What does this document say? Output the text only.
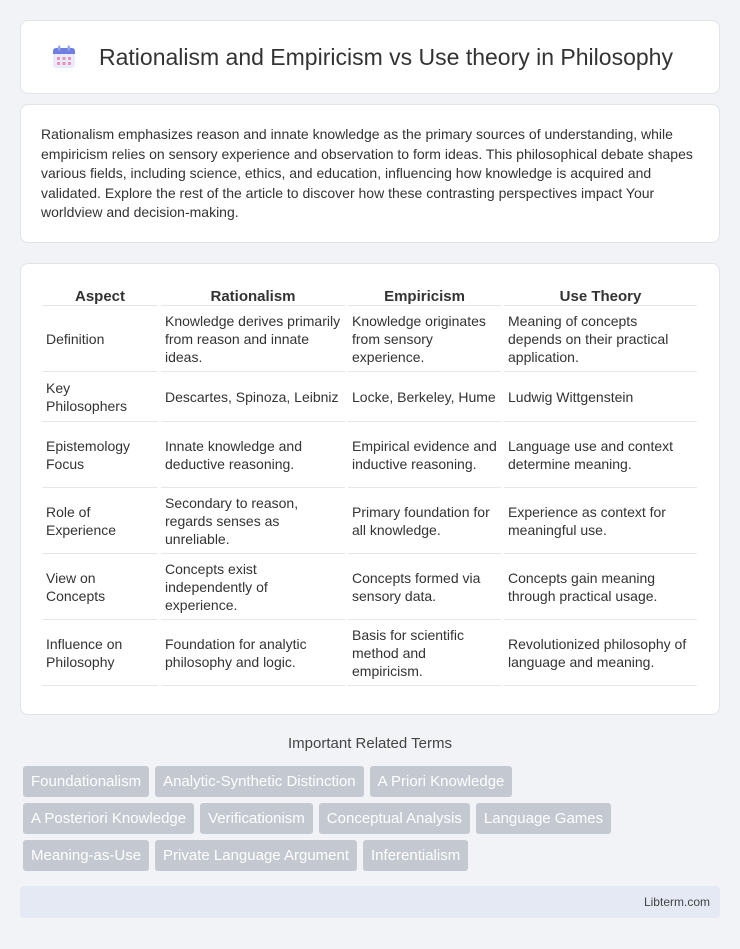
Rationalism and Empiricism vs Use theory in Philosophy

Rationalism emphasizes reason and innate knowledge as the primary sources of understanding, while empiricism relies on sensory experience and observation to form ideas. This philosophical debate shapes various fields, including science, ethics, and education, influencing how knowledge is acquired and validated. Explore the rest of the article to discover how these contrasting perspectives impact Your worldview and decision-making.

Aspect	Rationalism	Empiricism	Use Theory
Definition	Knowledge derives primarily from reason and innate ideas.	Knowledge originates from sensory experience.	Meaning of concepts depends on their practical application.
Key Philosophers	Descartes, Spinoza, Leibniz	Locke, Berkeley, Hume	Ludwig Wittgenstein
Epistemology Focus	Innate knowledge and deductive reasoning.	Empirical evidence and inductive reasoning.	Language use and context determine meaning.
Role of Experience	Secondary to reason, regards senses as unreliable.	Primary foundation for all knowledge.	Experience as context for meaningful use.
View on Concepts	Concepts exist independently of experience.	Concepts formed via sensory data.	Concepts gain meaning through practical usage.
Influence on Philosophy	Foundation for analytic philosophy and logic.	Basis for scientific method and empiricism.	Revolutionized philosophy of language and meaning.
Important Related Terms
Foundationalism	Analytic-Synthetic Distinction	A Priori Knowledge
A Posteriori Knowledge	Verificationism	Conceptual Analysis	Language Games
Meaning-as-Use	Private Language Argument	Inferentialism
Libterm.com
